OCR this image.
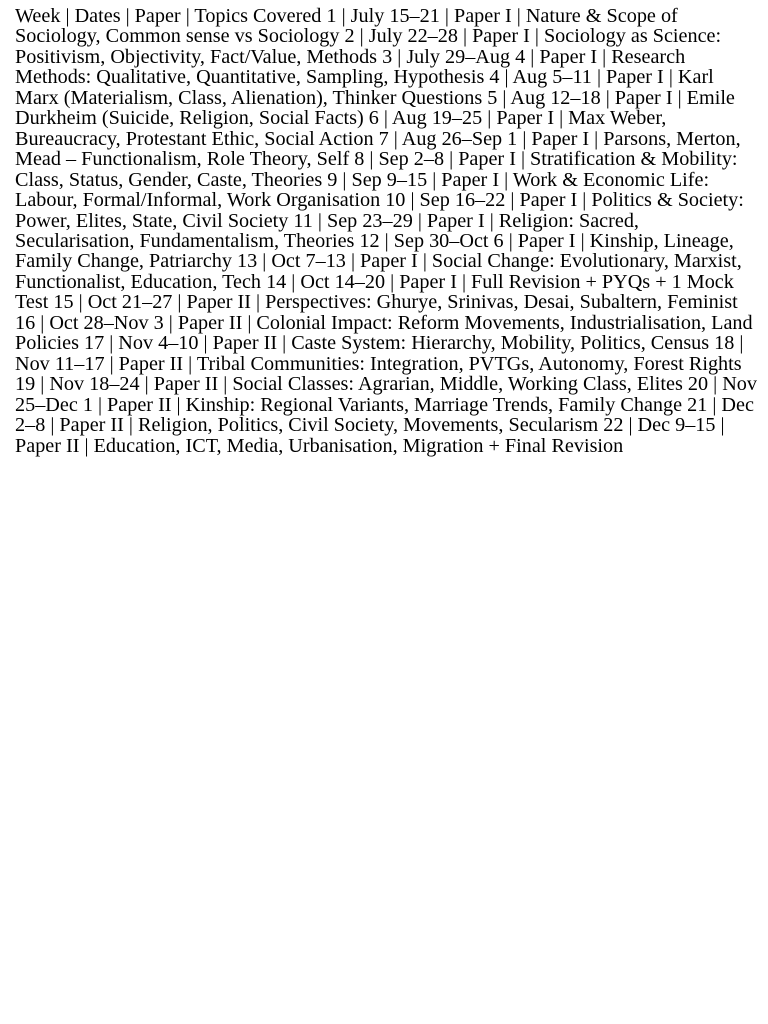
Week | Dates | Paper | Topics Covered 1 | July 15–21 | Paper I | Nature & Scope of Sociology, Common sense vs Sociology 2 | July 22–28 | Paper I | Sociology as Science: Positivism, Objectivity, Fact/Value, Methods 3 | July 29–Aug 4 | Paper I | Research Methods: Qualitative, Quantitative, Sampling, Hypothesis 4 | Aug 5–11 | Paper I | Karl Marx (Materialism, Class, Alienation), Thinker Questions 5 | Aug 12–18 | Paper I | Emile Durkheim (Suicide, Religion, Social Facts) 6 | Aug 19–25 | Paper I | Max Weber, Bureaucracy, Protestant Ethic, Social Action 7 | Aug 26–Sep 1 | Paper I | Parsons, Merton, Mead – Functionalism, Role Theory, Self 8 | Sep 2–8 | Paper I | Stratification & Mobility: Class, Status, Gender, Caste, Theories 9 | Sep 9–15 | Paper I | Work & Economic Life: Labour, Formal/Informal, Work Organisation 10 | Sep 16–22 | Paper I | Politics & Society: Power, Elites, State, Civil Society 11 | Sep 23–29 | Paper I | Religion: Sacred, Secularisation, Fundamentalism, Theories 12 | Sep 30–Oct 6 | Paper I | Kinship, Lineage, Family Change, Patriarchy 13 | Oct 7–13 | Paper I | Social Change: Evolutionary, Marxist, Functionalist, Education, Tech 14 | Oct 14–20 | Paper I | Full Revision + PYQs + 1 Mock Test 15 | Oct 21–27 | Paper II | Perspectives: Ghurye, Srinivas, Desai, Subaltern, Feminist 16 | Oct 28–Nov 3 | Paper II | Colonial Impact: Reform Movements, Industrialisation, Land Policies 17 | Nov 4–10 | Paper II | Caste System: Hierarchy, Mobility, Politics, Census 18 | Nov 11–17 | Paper II | Tribal Communities: Integration, PVTGs, Autonomy, Forest Rights 19 | Nov 18–24 | Paper II | Social Classes: Agrarian, Middle, Working Class, Elites 20 | Nov 25–Dec 1 | Paper II | Kinship: Regional Variants, Marriage Trends, Family Change 21 | Dec 2–8 | Paper II | Religion, Politics, Civil Society, Movements, Secularism 22 | Dec 9–15 | Paper II | Education, ICT, Media, Urbanisation, Migration + Final Revision
